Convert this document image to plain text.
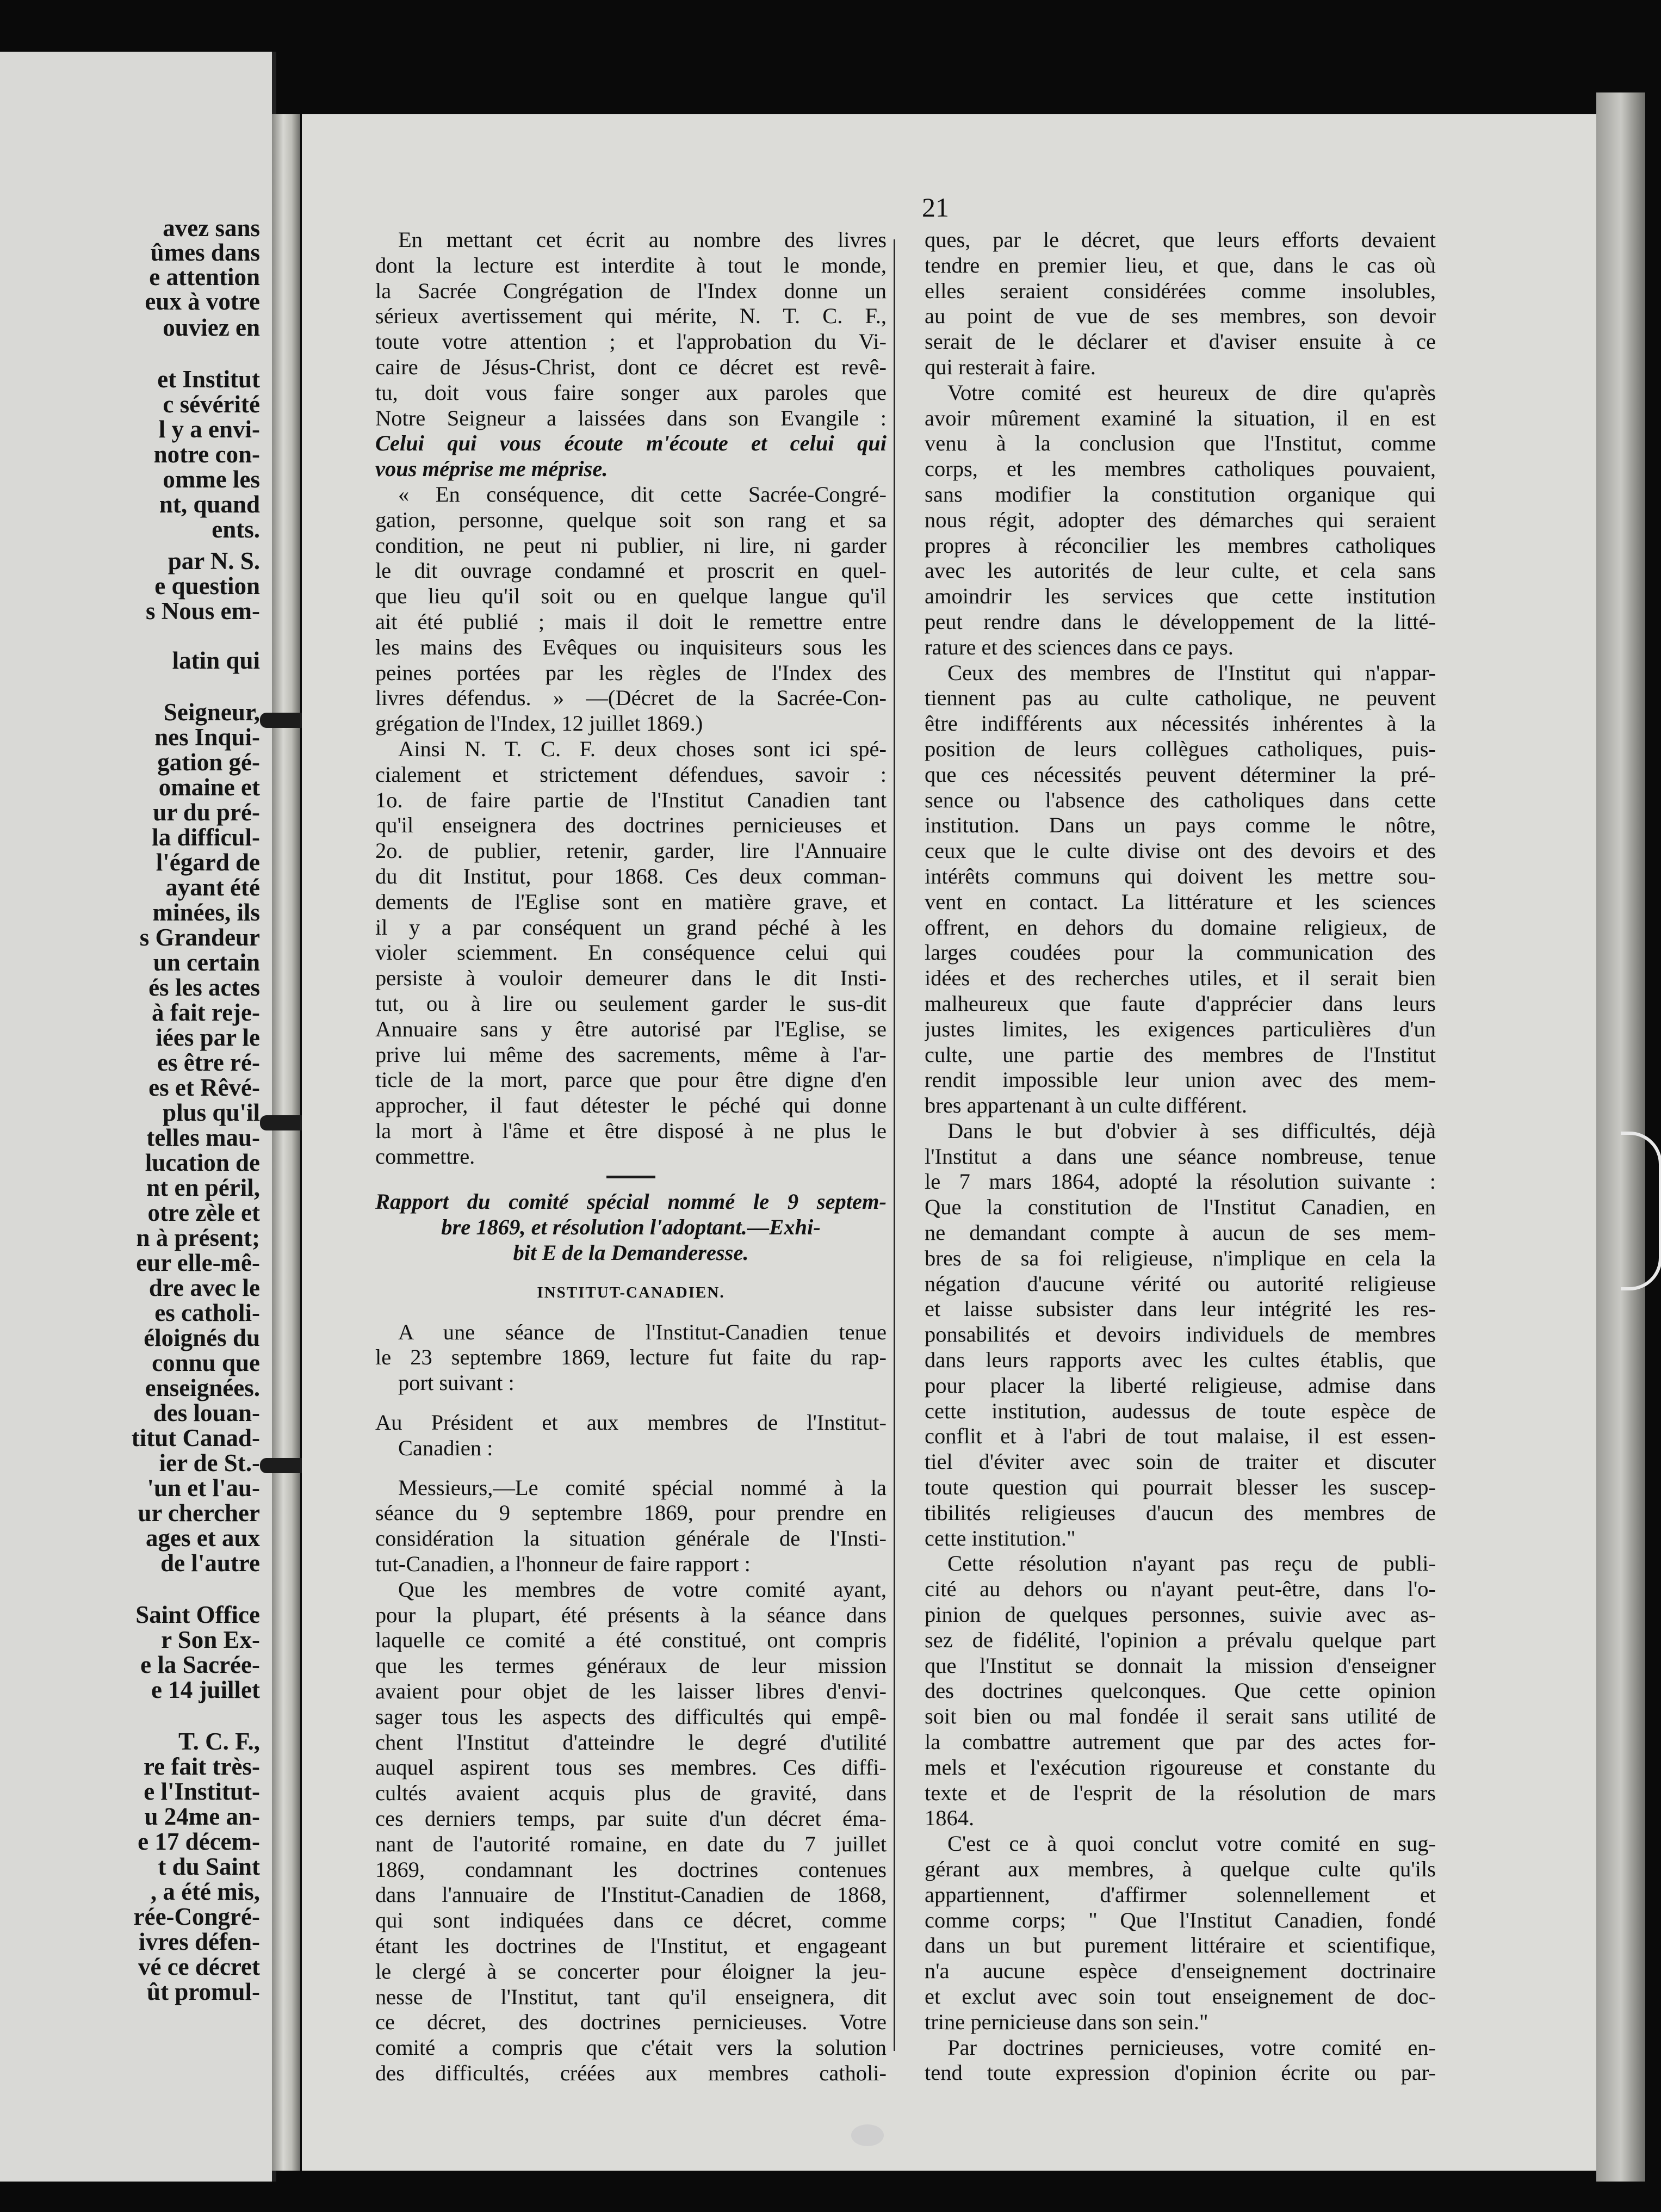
avez sans
ûmes dans
e attention
eux à votre
ouviez en
et Institut
c sévérité
l y a envi-
notre con-
omme les
nt, quand
ents.
par N. S.
e question
s Nous em-
latin qui
Seigneur,
nes Inqui-
gation gé-
omaine et
ur du pré-
la difficul-
l'égard de
ayant été
minées, ils
s Grandeur
un certain
és les actes
à fait reje-
iées par le
es être ré-
es et Rêvé-
plus qu'il
telles mau-
lucation de
nt en péril,
otre zèle et
n à présent;
eur elle-mê-
dre avec le
es catholi-
éloignés du
connu que
enseignées.
des louan-
titut Canad-
ier de St.-
'un et l'au-
ur chercher
ages et aux
de l'autre
Saint Office
r Son Ex-
e la Sacrée-
e 14 juillet
T. C. F.,
re fait très-
e l'Institut-
u 24me an-
e 17 décem-
t du Saint
, a été mis,
rée-Congré-
ivres défen-
vé ce décret
ût promul-
21
En mettant cet écrit au nombre des livres
dont la lecture est interdite à tout le monde,
la Sacrée Congrégation de l'Index donne un
sérieux avertissement qui mérite, N. T. C. F.,
toute votre attention ; et l'approbation du Vi-
caire de Jésus-Christ, dont ce décret est revê-
tu, doit vous faire songer aux paroles que
Notre Seigneur a laissées dans son Evangile :
Celui qui vous écoute m'écoute et celui qui
vous méprise me méprise.
« En conséquence, dit cette Sacrée-Congré-
gation, personne, quelque soit son rang et sa
condition, ne peut ni publier, ni lire, ni garder
le dit ouvrage condamné et proscrit en quel-
que lieu qu'il soit ou en quelque langue qu'il
ait été publié ; mais il doit le remettre entre
les mains des Evêques ou inquisiteurs sous les
peines portées par les règles de l'Index des
livres défendus. » —(Décret de la Sacrée-Con-
grégation de l'Index, 12 juillet 1869.)
Ainsi N. T. C. F. deux choses sont ici spé-
cialement et strictement défendues, savoir :
1o. de faire partie de l'Institut Canadien tant
qu'il enseignera des doctrines pernicieuses et
2o. de publier, retenir, garder, lire l'Annuaire
du dit Institut, pour 1868. Ces deux comman-
dements de l'Eglise sont en matière grave, et
il y a par conséquent un grand péché à les
violer sciemment. En conséquence celui qui
persiste à vouloir demeurer dans le dit Insti-
tut, ou à lire ou seulement garder le sus-dit
Annuaire sans y être autorisé par l'Eglise, se
prive lui même des sacrements, même à l'ar-
ticle de la mort, parce que pour être digne d'en
approcher, il faut détester le péché qui donne
la mort à l'âme et être disposé à ne plus le
commettre.
Rapport du comité spécial nommé le 9 septem-
bre 1869, et résolution l'adoptant.—Exhi-
bit E de la Demanderesse.
INSTITUT-CANADIEN.
A une séance de l'Institut-Canadien tenue
le 23 septembre 1869, lecture fut faite du rap-
port suivant :
Au Président et aux membres de l'Institut-
Canadien :
Messieurs,—Le comité spécial nommé à la
séance du 9 septembre 1869, pour prendre en
considération la situation générale de l'Insti-
tut-Canadien, a l'honneur de faire rapport :
Que les membres de votre comité ayant,
pour la plupart, été présents à la séance dans
laquelle ce comité a été constitué, ont compris
que les termes généraux de leur mission
avaient pour objet de les laisser libres d'envi-
sager tous les aspects des difficultés qui empê-
chent l'Institut d'atteindre le degré d'utilité
auquel aspirent tous ses membres. Ces diffi-
cultés avaient acquis plus de gravité, dans
ces derniers temps, par suite d'un décret éma-
nant de l'autorité romaine, en date du 7 juillet
1869, condamnant les doctrines contenues
dans l'annuaire de l'Institut-Canadien de 1868,
qui sont indiquées dans ce décret, comme
étant les doctrines de l'Institut, et engageant
le clergé à se concerter pour éloigner la jeu-
nesse de l'Institut, tant qu'il enseignera, dit
ce décret, des doctrines pernicieuses. Votre
comité a compris que c'était vers la solution
des difficultés, créées aux membres catholi-
ques, par le décret, que leurs efforts devaient
tendre en premier lieu, et que, dans le cas où
elles seraient considérées comme insolubles,
au point de vue de ses membres, son devoir
serait de le déclarer et d'aviser ensuite à ce
qui resterait à faire.
Votre comité est heureux de dire qu'après
avoir mûrement examiné la situation, il en est
venu à la conclusion que l'Institut, comme
corps, et les membres catholiques pouvaient,
sans modifier la constitution organique qui
nous régit, adopter des démarches qui seraient
propres à réconcilier les membres catholiques
avec les autorités de leur culte, et cela sans
amoindrir les services que cette institution
peut rendre dans le développement de la litté-
rature et des sciences dans ce pays.
Ceux des membres de l'Institut qui n'appar-
tiennent pas au culte catholique, ne peuvent
être indifférents aux nécessités inhérentes à la
position de leurs collègues catholiques, puis-
que ces nécessités peuvent déterminer la pré-
sence ou l'absence des catholiques dans cette
institution. Dans un pays comme le nôtre,
ceux que le culte divise ont des devoirs et des
intérêts communs qui doivent les mettre sou-
vent en contact. La littérature et les sciences
offrent, en dehors du domaine religieux, de
larges coudées pour la communication des
idées et des recherches utiles, et il serait bien
malheureux que faute d'apprécier dans leurs
justes limites, les exigences particulières d'un
culte, une partie des membres de l'Institut
rendit impossible leur union avec des mem-
bres appartenant à un culte différent.
Dans le but d'obvier à ses difficultés, déjà
l'Institut a dans une séance nombreuse, tenue
le 7 mars 1864, adopté la résolution suivante :
Que la constitution de l'Institut Canadien, en
ne demandant compte à aucun de ses mem-
bres de sa foi religieuse, n'implique en cela la
négation d'aucune vérité ou autorité religieuse
et laisse subsister dans leur intégrité les res-
ponsabilités et devoirs individuels de membres
dans leurs rapports avec les cultes établis, que
pour placer la liberté religieuse, admise dans
cette institution, audessus de toute espèce de
conflit et à l'abri de tout malaise, il est essen-
tiel d'éviter avec soin de traiter et discuter
toute question qui pourrait blesser les suscep-
tibilités religieuses d'aucun des membres de
cette institution."
Cette résolution n'ayant pas reçu de publi-
cité au dehors ou n'ayant peut-être, dans l'o-
pinion de quelques personnes, suivie avec as-
sez de fidélité, l'opinion a prévalu quelque part
que l'Institut se donnait la mission d'enseigner
des doctrines quelconques. Que cette opinion
soit bien ou mal fondée il serait sans utilité de
la combattre autrement que par des actes for-
mels et l'exécution rigoureuse et constante du
texte et de l'esprit de la résolution de mars
1864.
C'est ce à quoi conclut votre comité en sug-
gérant aux membres, à quelque culte qu'ils
appartiennent, d'affirmer solennellement et
comme corps; " Que l'Institut Canadien, fondé
dans un but purement littéraire et scientifique,
n'a aucune espèce d'enseignement doctrinaire
et exclut avec soin tout enseignement de doc-
trine pernicieuse dans son sein."
Par doctrines pernicieuses, votre comité en-
tend toute expression d'opinion écrite ou par-
